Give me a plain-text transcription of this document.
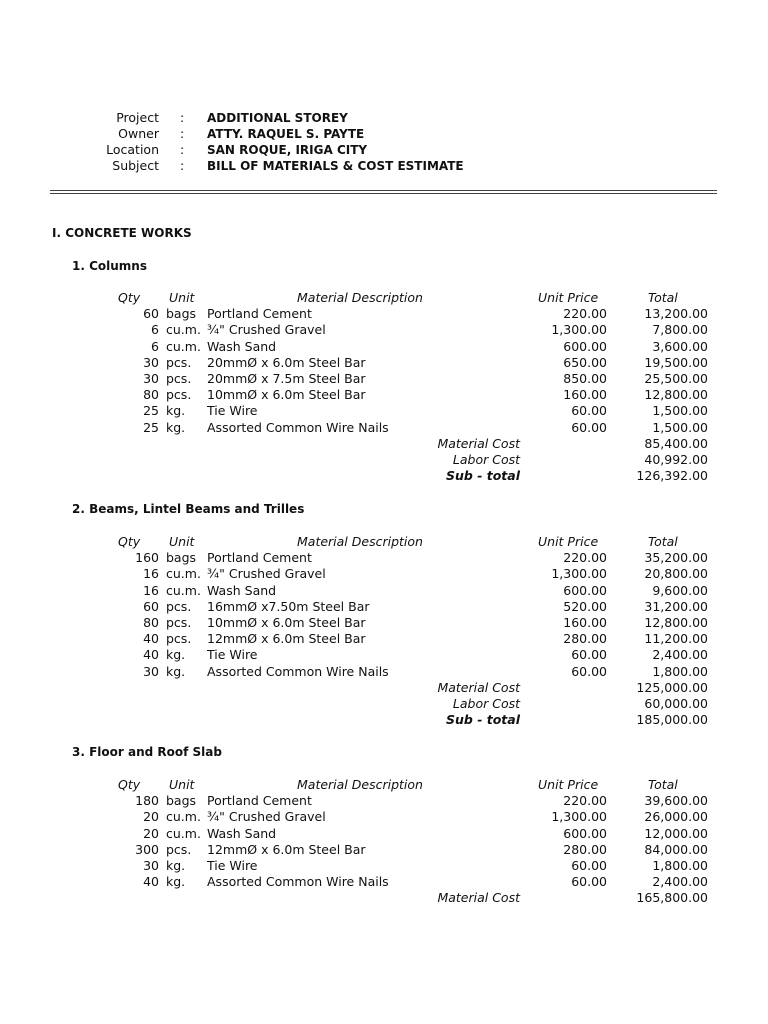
Project : ADDITIONAL STOREY
Owner : ATTY. RAQUEL S. PAYTE
Location : SAN ROQUE, IRIGA CITY
Subject : BILL OF MATERIALS & COST ESTIMATE
I. CONCRETE WORKS
1. Columns
Qty Unit	Material Description	Unit Price	Total
60 bags Portland Cement	220.00	13,200.00
6 cu.m. ¾" Crushed Gravel	1,300.00	7,800.00
6 cu.m. Wash Sand	600.00	3,600.00
30 pcs. 20mmØ x 6.0m Steel Bar	650.00	19,500.00
30 pcs. 20mmØ x 7.5m Steel Bar	850.00	25,500.00
80 pcs. 10mmØ x 6.0m Steel Bar	160.00	12,800.00
25 kg. Tie Wire	60.00	1,500.00
25 kg. Assorted Common Wire Nails	60.00	1,500.00
Material Cost	85,400.00
Labor Cost	40,992.00
Sub - total	126,392.00
2. Beams, Lintel Beams and Trilles
Qty Unit	Material Description	Unit Price	Total
160 bags Portland Cement	220.00	35,200.00
16 cu.m. ¾" Crushed Gravel	1,300.00	20,800.00
16 cu.m. Wash Sand	600.00	9,600.00
60 pcs. 16mmØ x7.50m Steel Bar	520.00	31,200.00
80 pcs. 10mmØ x 6.0m Steel Bar	160.00	12,800.00
40 pcs. 12mmØ x 6.0m Steel Bar	280.00	11,200.00
40 kg. Tie Wire	60.00	2,400.00
30 kg. Assorted Common Wire Nails	60.00	1,800.00
Material Cost	125,000.00
Labor Cost	60,000.00
Sub - total	185,000.00
3. Floor and Roof Slab
Qty Unit	Material Description	Unit Price	Total
180 bags Portland Cement	220.00	39,600.00
20 cu.m. ¾" Crushed Gravel	1,300.00	26,000.00
20 cu.m. Wash Sand	600.00	12,000.00
300 pcs. 12mmØ x 6.0m Steel Bar	280.00	84,000.00
30 kg. Tie Wire	60.00	1,800.00
40 kg. Assorted Common Wire Nails	60.00	2,400.00
Material Cost	165,800.00
